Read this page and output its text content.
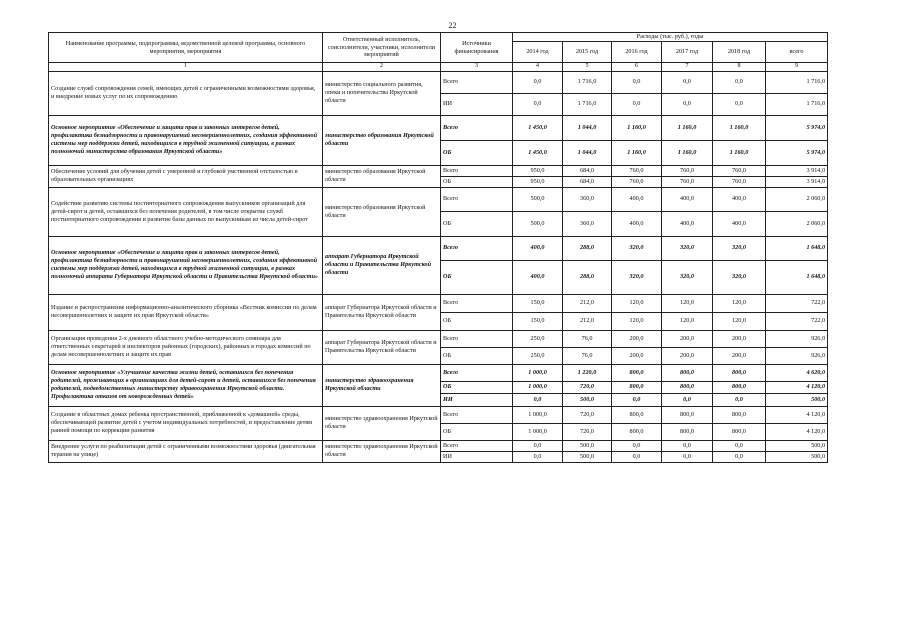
22
Наименование программы, подпрограммы, ведомственной целевой программы, основного мероприятия, мероприятия	Ответственный исполнитель, соисполнители, участники, исполнители мероприятий	Источники финансирования	Расходы (тыс. руб.), годы					
			2014 год	2015 год	2016 год	2017 год	2018 год	всего
1	2	3	4	5	6	7	8	9
Создание служб сопровождения семей, имеющих детей с ограниченными возможностями здоровья, и внедрение новых услуг по их сопровождению	министерство социального развития, опеки и попечительства Иркутской области	Всего	0,0	1 716,0	0,0	0,0	0,0	1 716,0
		ИИ	0,0	1 716,0	0,0	0,0	0,0	1 716,0
Основное мероприятие «Обеспечение и защита прав и законных интересов детей, профилактика безнадзорности и правонарушений несовершеннолетних, создания эффективной системы мер поддержки детей, находящихся в трудной жизненной ситуации, в рамках полномочий министерства образования Иркутской области»	министерство образования Иркутской области	Всего	1 450,0	1 044,0	1 160,0	1 160,0	1 160,0	5 974,0
		ОБ	1 450,0	1 044,0	1 160,0	1 160,0	1 160,0	5 974,0
Обеспечение условий для обучения детей с умеренной и глубокой умственной отсталостью в образовательных организациях	министерство образования Иркутской области	Всего	950,0	684,0	760,0	760,0	760,0	3 914,0
		ОБ	950,0	684,0	760,0	760,0	760,0	3 914,0
Содействие развитию системы постинтернатного сопровождения выпускников организаций для детей-сирот и детей, оставшихся без попечения родителей, в том числе открытие служб постинтернатного сопровождения и развитие базы данных по выпускникам из числа детей-сирот	министерство образования Иркутской области	Всего	500,0	360,0	400,0	400,0	400,0	2 060,0
		ОБ	500,0	360,0	400,0	400,0	400,0	2 060,0
Основное мероприятие «Обеспечение и защита прав и законных интересов детей, профилактика безнадзорности и правонарушений несовершеннолетних, создания эффективной системы мер поддержки детей, находящихся в трудной жизненной ситуации, в рамках полномочий аппарата Губернатора Иркутской области и Правительства Иркутской области»	аппарат Губернатора Иркутской области и Правительства Иркутской области	Всего	400,0	288,0	320,0	320,0	320,0	1 648,0
		ОБ	400,0	288,0	320,0	320,0	320,0	1 648,0
Издание и распространение информационно-аналитического сборника «Вестник комиссии по делам несовершеннолетних и защите их прав Иркутской области»	аппарат Губернатора Иркутской области и Правительства Иркутской области	Всего	150,0	212,0	120,0	120,0	120,0	722,0
		ОБ	150,0	212,0	120,0	120,0	120,0	722,0
Организация проведения 2-х дневного областного учебно-методического семинара для ответственных секретарей и инспекторов районных (городских), районных в городах комиссий по делам несовершеннолетних и защите их прав	аппарат Губернатора Иркутской области и Правительства Иркутской области	Всего	250,0	76,0	200,0	200,0	200,0	926,0
		ОБ	250,0	76,0	200,0	200,0	200,0	926,0
Основное мероприятие «Улучшение качества жизни детей, оставшихся без попечения родителей, проживающих в организациях для детей-сирот и детей, оставшихся без попечения родителей, подведомственных министерству здравоохранения Иркутской области. Профилактика отказов от новорожденных детей»	министерство здравоохранения Иркутской области	Всего	1 000,0	1 220,0	800,0	800,0	800,0	4 620,0
		ОБ	1 000,0	720,0	800,0	800,0	800,0	4 120,0
		ИИ	0,0	500,0	0,0	0,0	0,0	500,0
Создание в областных домах ребенка пространственной, приближенной к «домашней» среды, обеспечивающей развитие детей с учетом индивидуальных потребностей, и предоставление детям ранней помощи по коррекции развития	министерство здравоохранения Иркутской области	Всего	1 000,0	720,0	800,0	800,0	800,0	4 120,0
		ОБ	1 000,0	720,0	800,0	800,0	800,0	4 120,0
Внедрение услуги по реабилитации детей с ограниченными возможностями здоровья (двигательная терапия на улице)	министерство здравоохранения Иркутской области	Всего	0,0	500,0	0,0	0,0	0,0	500,0
		ИИ	0,0	500,0	0,0	0,0	0,0	500,0
